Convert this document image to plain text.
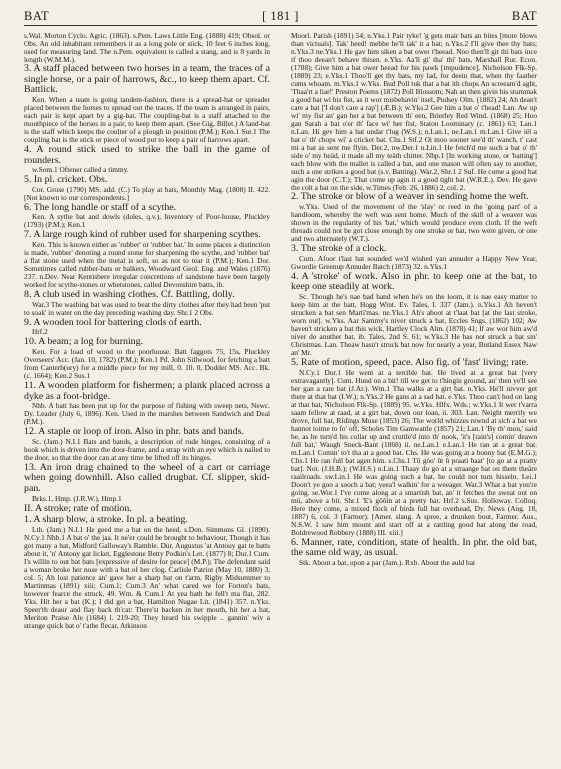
BAT	[ 181 ]	BAT

s.Wal. Morton Cyclo. Agric. (1863). s.Pem. Laws Little Eng. (1888) 419; Obsol. or Obs. An old inhabitant remembers it as a long pole or stick, 10 feet 6 inches long, used for measuring land. The n.Pem. equivalent is called a stang, and is 8 yards in length (W.M.M.).

3. A staff placed between two horses in a team, the traces of a single horse, or a pair of harrows, &c., to keep them apart. Cf. Battlick.

Ken. When a team is going tandem-fashion, there is a spread-bat or spreader placed between the horses to spread out the traces. If the team is arranged in pairs, each pair is kept apart by a gig-bat. The coupling-bat is a staff attached to the mouthpiece of the horses in a pair, to keep them apart. (See Gig, Billet.) A land-bat is the staff which keeps the coulter of a plough in position (P.M.); Ken.1 Sur.1 The coupling bat is the stick or piece of wood put to keep a pair of harrows apart.

4. A round stick used to strike the ball in the game of rounders.

w.Som.1 Oftener called a timmy.

5. In pl. cricket. Obs.

Cor. Grose (1790) MS. add. (C.) To play at bats, Monthly Mag. (1808) II. 422. [Not known to our correspondents.]

6. The long handle or staff of a scythe.

Ken. A sythe bat and dowls (doles, q.v.), Inventory of Poor-house, Pluckley (1793) (P.M.); Ken.1

7. A large rough kind of rubber used for sharpening scythes.

Ken. This is known either as 'rubber' or 'rubber bat.' In some places a distinction is made, 'rubber' denoting a round stone for sharpening the scythe, and 'rubber bat' a flat stone used when the metal is soft, so as not to tear it (P.M.); Ken.1 Dor. Sometimes called rubber-bats or balkers, Woodward Geol. Eng. and Wales (1876) 237. n.Dev. Near Kentisbere irregular concretions of sandstone have been largely worked for scythe-stones or whetstones, called Devonshire batts, ib.

8. A club used in washing clothes. Cf. Battling, dolly.

War.3 The washing bat was used to beat the dirty clothes after they had been 'put to soak' in water on the day preceding washing day. Shr.1 2 Obs.

9. A wooden tool for battering clods of earth.

Hrf.2

10. A beam; a log for burning.

Ken. For a load of wood to the poorhouse. Batt faggots 75, 15s, Pluckley Overseers' Acc. (Jan. 10, 1782) (P.M.); Ken.1 Pd. John Sillwood, for fetching a batt from Canterb(ury) for a middle piece for my mill, 0. 10. 0, Dodder MS. Acc. Bk. (c. 1664); Ken.2 Sus.1

11. A wooden platform for fishermen; a plank placed across a dyke as a foot-bridge.

Nhb. A batt has been put up for the purpose of fishing with sweep nets, Newc. Dy. Leader (July 6, 1896). Ken. Used in the marshes between Sandwich and Deal (P.M.).

12. A staple or loop of iron. Also in phr. bats and bands.

Sc. (Jam.) N.I.1 Bats and bands, a description of rude hinges, consisting of a hook which is driven into the door-frame, and a strap with an eye which is nailed to the door, so that the door can at any time be lifted off its hinges.

13. An iron drag chained to the wheel of a cart or carriage when going downhill. Also called drugbat. Cf. slipper, skid-pan.

Brks.1, Hmp. (J.R.W.), Hmp.1

II. A stroke; rate of motion.

1. A sharp blow, a stroke. In pl. a beating.

Lth. (Jam.) N.I.1 He geed me a bat on the heed. s.Don. Simmons Gl. (1890). N.Cy.1 Nhb.1 A bat o' the jaa. It ne'er could be brought to behaviour, Though it has got many a bat, Midford Galloway's Ramble. Dur. Augustus 'at Antouy gat te batts about it, 'n' Antouy gat licket, Egglestone Betty Podkin's Let. (1877) 8; Dur.1 Cum. I's willin to out bat bats [expressive of desire for peace] (M.P.); The defendant said a woman broke her nose with a bat of her clog, Carlisle Patriot (May 10, 1880) 3, col. 5; Ah lost patience an' gave her a sharp bat on t'arm, Rigby Midsummer to Martinmas (1891) xiii; Cum.1; Cum.3 An' what cared we for Forton's bats, however fearce the struck, 49. Wm. & Cum.1 At yea bath he fell't ma flat, 282. Yks. Hit her a bat (K.); I did get a bat, Hamilton Nugae Lit. (1841) 357. n.Yks. Speer'th deaur and flay back th'cat: There'st backen in her mouth, hit her a bat, Meriton Praise Ale (1684) l. 219-20; They heard his swipple .. gannin' wiv a strange quick bat o' t'athe flecar, Atkinson

Moorl. Parish (1891) 54; n.Yks.1 Pair tyke! 'g gets mair bats an bites [more blows than victuals]. Tak' heed! mebbe he'll tak' it a bat; n.Yks.2 I'll give thee thy bats; n.Yks.3 ne.Yks.1 He gav him siken a bat ower t'heead. Noo then'll git thi bats ince if thoo deean't behave thisen. e.Yks. Aa'll gi' tha' thi' bats, Marshall Rur. Econ. (1788); Give him a bat ower heead for his pawk [impudence], Nicholson Flk-Sp. (1889) 23; e.Yks.1 Thoo'll get thy bats, my lad, for deein that, when thy faather cums whoam. m.Yks.1 w.Yks. Bud Poll tuk that a bat ith chops An screeam'd aght, 'Thaa'rt a liar!' Preston Poems (1872) Poll Blossom; Nah an then givin his stummak a good bat wi his fist, as it wor misbehavin' itsel, Pudsey Olm. (1882) 24; Ah dean't care a bat ['I don't care a rap'] (Æ.B.); w.Yks.2 Gee him a bat o' t'head! Lan. Aw up wi' my fist an' gan her a bat between th' een, Brierley Red Wind. (1868) 25; Hoo gan Sarah a bat o'er th' face wi' her fist, Staton Loominary (c. 1861) 63; Lan.1 n.Lan. Hi gev him a bat undar t'lug (W.S.); n.Lan.1, ne.Lan.1 m.Lan.1 Give iël a bat o' th' chops wi' a cricket bat. Chs.1 Stf.2 Oi moo sooner see'd th' wanch, t' cast mi a bat as sent me flyin. Der.2, nw.Der.1 n.Lin.1 He fetch'd me such a bat o' th' side o' my heäd, it made all my teäth chitter. Nhp.1 [In working stone, or 'batting'] each blow with the mallet is called a bat, and one mason will often say to another, such a one strikes a good bat (s.v. Batting). War.2, Shr.1 2 Suf. He come a good bat agin the door (C.T.); That come up agin it a good tight bat (W.R.E.). Dev. He gave the colt a bat on the side, w.Times (Feb. 26, 1886) 2, col. 2.

2. The stroke or blow of a weaver in sending home the weft.

w.Yks. Used of the movement of the 'slay' or reed in the 'going part' of a handloom, whereby the weft was sent home. Much of the skill of a weaver was shown in the regularity of his 'bat,' which would produce even cloth. If the weft threads could not be got close enough by one stroke or bat, two were given, or one and two alternately (W.T.).

3. The stroke of a clock.

Cum. Afoor t'last bat sounded we'd wished yan annuder a Happy New Year, Gwordie Greenup Annuder Batch (1873) 32. n.Yks.1

4. A 'stroke' of work. Also in phr. to keep one at the bat, to keep one steadily at work.

Sc. Though he's nae bad hand when he's on the loom, it is nae easy matter to keep him at the batt, Hogg Wint. Ev. Tales, I. 337 (Jam.). n.Yks.1 Ah heven't strucken a bat sen Marti'mas. ne.Yks.1 Ah's aboot at t'laat bat [at the last stroke, worn out]. w.Yks. Aar Sammy's niver struck a bat, Eccles Sngs. (1862) 102; Aw haven't stricken a bat this wick, Hartley Clock Alm. (1878) 41; If aw wor him aw'd niver do anuther bat, ib. Tales, 2nd S. 61; w.Yks.3 He has not struck a bat sin' Christmas. Lan. Theaw hasn't struck bat now for nearly a year, Butland Essex Naw an' Mr.

5. Rate of motion, speed, pace. Also fig. of 'fast' living; rate.

N.Cy.1 Dur.1 He went at a terrible bat. He lived at a great bat [very extravagantly]. Cum. Hund on a bit! till we get to t'hingin ground, an' then ye'll see her gan a rare bat (J.Ar.). Wm.1 Tha walks at a girt bat. n.Yks. He'll nivver get there at that bat (I.W.); n.Yks.2 He gans at a sad bat. e.Yks. Thoo can't hod on lang at that bat, Nicholson Flk-Sp. (1889) 95. w.Yks. Hlfx. Wds.; w.Yks.1 It wer t'varra saam fellow at raad, at a girt bat, down our loan, ii. 303. Lan. Neight merrily we drove, full bat, Ridings Muse (1853) 26; The world whizzes rewnd at sich a bat we hannot toime to fo' off, Scholes Tim Gamwattle (1857) 21; Lan.1 'By th' mon,' said he, as he turn'd his collar up and cruttle'd into th' nook, 'it's [rain's] comin' deawn full bat,' Waugh Sneck-Bant (1868) ii. ne.Lan.1 e.Lan.1 He ran at a great bat. m.Lan.1 Comin' to't tha at a good bat. Chs. He was going at a bonny bat (E.M.G.); Chs.1 He ran full bat agen him. s.Chs.1 Tû gòo' ût û praati baat' [to go at a pratty bat]. Not. (J.H.B.); (W.H.S.) n.Lin.1 Thaay do go at a straange bat on them theäre raailroads. sw.Lin.1 He was going such a bat, he could not turn hisseln. Lei.1 Doon't ye goo a sooch a bat; yeea'l walkin' for a weeager. War.3 What a bat you're going. se.Wor.1 I've come along at a smartish bat, an' it fetches the sweat out on mü, above a bit. Shr.1 'E's göôin at a pretty bat. Hrf.2 s.Sus. Holloway. Colloq. Here they come, a mixed flock of birds full bat overhead, Dy. News (Aug. 18, 1887) 6, col. 3 (Farmer). [Amer. slang. A spree, a drunken bout, Farmer. Aus., N.S.W. I saw him mount and start off at a rattling good bat along the road, Boldrewood Robbery (1888) III. xiii.]

6. Manner, rate, condition, state of health. In phr. the old bat, the same old way, as usual.

Stk. About a bat, upon a par (Jam.). Rxb. About the auld bat
